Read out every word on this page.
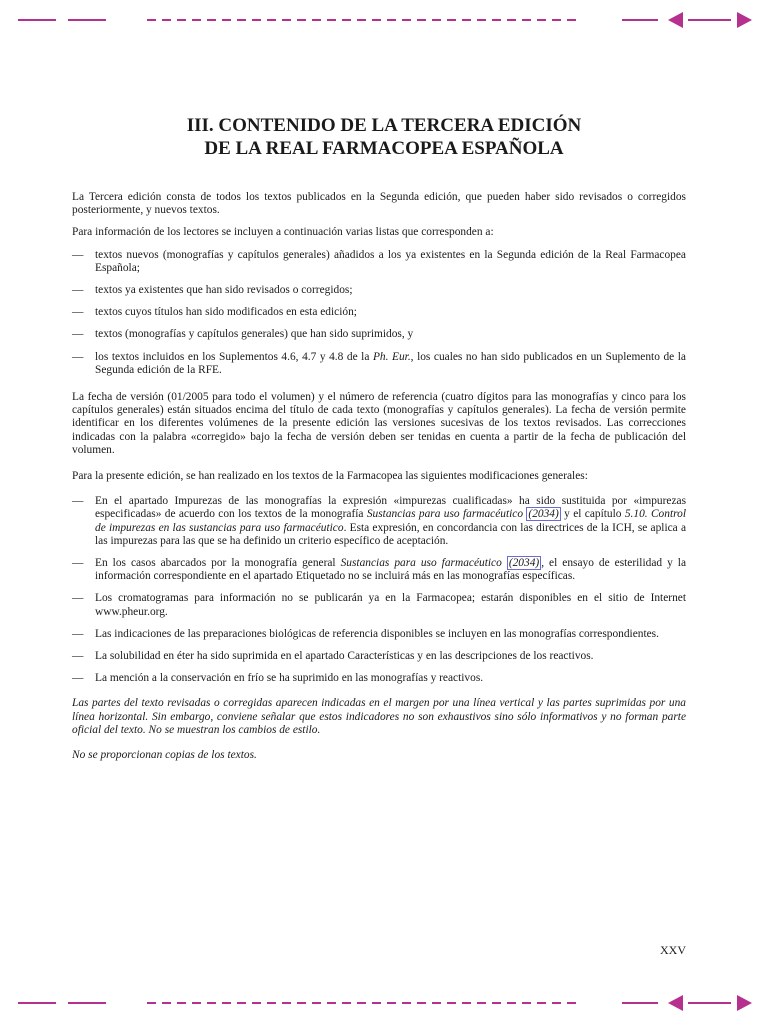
III. CONTENIDO DE LA TERCERA EDICIÓN
DE LA REAL FARMACOPEA ESPAÑOLA

La Tercera edición consta de todos los textos publicados en la Segunda edición, que pueden haber sido revisados o corregidos posteriormente, y nuevos textos.

Para información de los lectores se incluyen a continuación varias listas que corresponden a:

— textos nuevos (monografías y capítulos generales) añadidos a los ya existentes en la Segunda edición de la Real Farmacopea Española;
— textos ya existentes que han sido revisados o corregidos;
— textos cuyos títulos han sido modificados en esta edición;
— textos (monografías y capítulos generales) que han sido suprimidos, y
— los textos incluidos en los Suplementos 4.6, 4.7 y 4.8 de la Ph. Eur., los cuales no han sido publicados en un Suplemento de la Segunda edición de la RFE.

La fecha de versión (01/2005 para todo el volumen) y el número de referencia (cuatro dígitos para las monografías y cinco para los capítulos generales) están situados encima del título de cada texto (monografías y capítulos generales). La fecha de versión permite identificar en los diferentes volúmenes de la presente edición las versiones sucesivas de los textos revisados. Las correcciones indicadas con la palabra «corregido» bajo la fecha de versión deben ser tenidas en cuenta a partir de la fecha de publicación del volumen.

Para la presente edición, se han realizado en los textos de la Farmacopea las siguientes modificaciones generales:

— En el apartado Impurezas de las monografías la expresión «impurezas cualificadas» ha sido sustituida por «impurezas especificadas» de acuerdo con los textos de la monografía Sustancias para uso farmacéutico (2034) y el capítulo 5.10. Control de impurezas en las sustancias para uso farmacéutico. Esta expresión, en concordancia con las directrices de la ICH, se aplica a las impurezas para las que se ha definido un criterio específico de aceptación.
— En los casos abarcados por la monografía general Sustancias para uso farmacéutico (2034) , el ensayo de esterilidad y la información correspondiente en el apartado Etiquetado no se incluirá más en las monografías específicas.
— Los cromatogramas para información no se publicarán ya en la Farmacopea; estarán disponibles en el sitio de Internet www.pheur.org.
— Las indicaciones de las preparaciones biológicas de referencia disponibles se incluyen en las monografías correspondientes.
— La solubilidad en éter ha sido suprimida en el apartado Características y en las descripciones de los reactivos.
— La mención a la conservación en frío se ha suprimido en las monografías y reactivos.

Las partes del texto revisadas o corregidas aparecen indicadas en el margen por una línea vertical y las partes suprimidas por una línea horizontal. Sin embargo, conviene señalar que estos indicadores no son exhaustivos sino sólo informativos y no forman parte oficial del texto. No se muestran los cambios de estilo.

No se proporcionan copias de los textos.

XXV
